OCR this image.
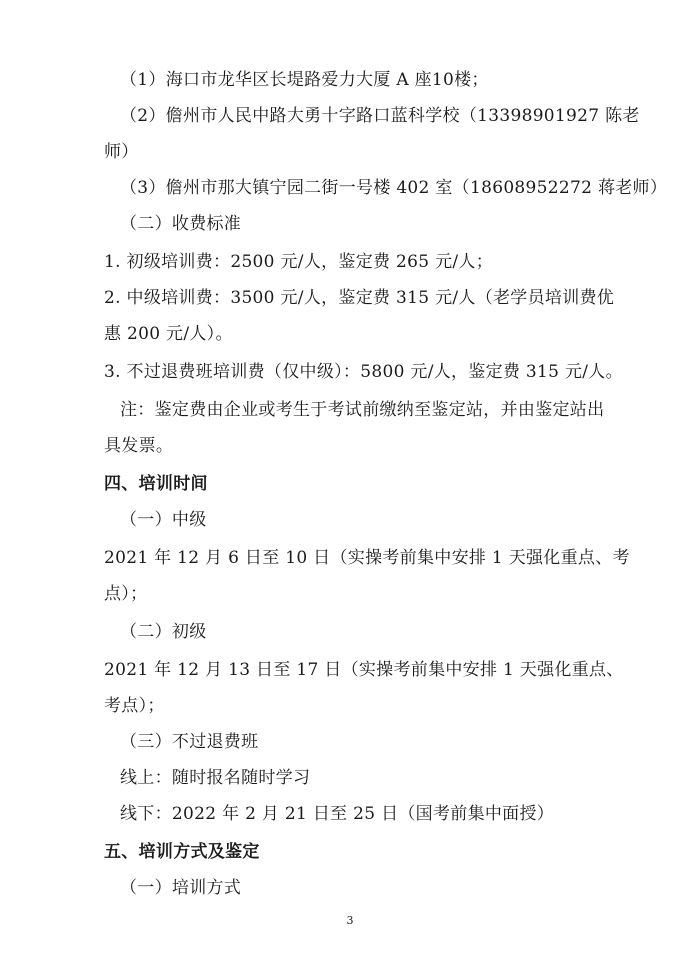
（1）海口市龙华区长堤路爱力大厦 A 座10楼；
（2）儋州市人民中路大勇十字路口蓝科学校（13398901927 陈老
师）
（3）儋州市那大镇宁园二街一号楼 402 室（18608952272 蒋老师）
（二）收费标准
1. 初级培训费：2500 元/人，鉴定费 265 元/人；
2. 中级培训费：3500 元/人，鉴定费 315 元/人（老学员培训费优
惠 200 元/人）。
3. 不过退费班培训费（仅中级）：5800 元/人，鉴定费 315 元/人。
注：鉴定费由企业或考生于考试前缴纳至鉴定站，并由鉴定站出
具发票。
四、培训时间
（一）中级
2021 年 12 月 6 日至 10 日（实操考前集中安排 1 天强化重点、考
点）；
（二）初级
2021 年 12 月 13 日至 17 日（实操考前集中安排 1 天强化重点、
考点）；
（三）不过退费班
线上：随时报名随时学习
线下：2022 年 2 月 21 日至 25 日（国考前集中面授）
五、培训方式及鉴定
（一）培训方式
3
